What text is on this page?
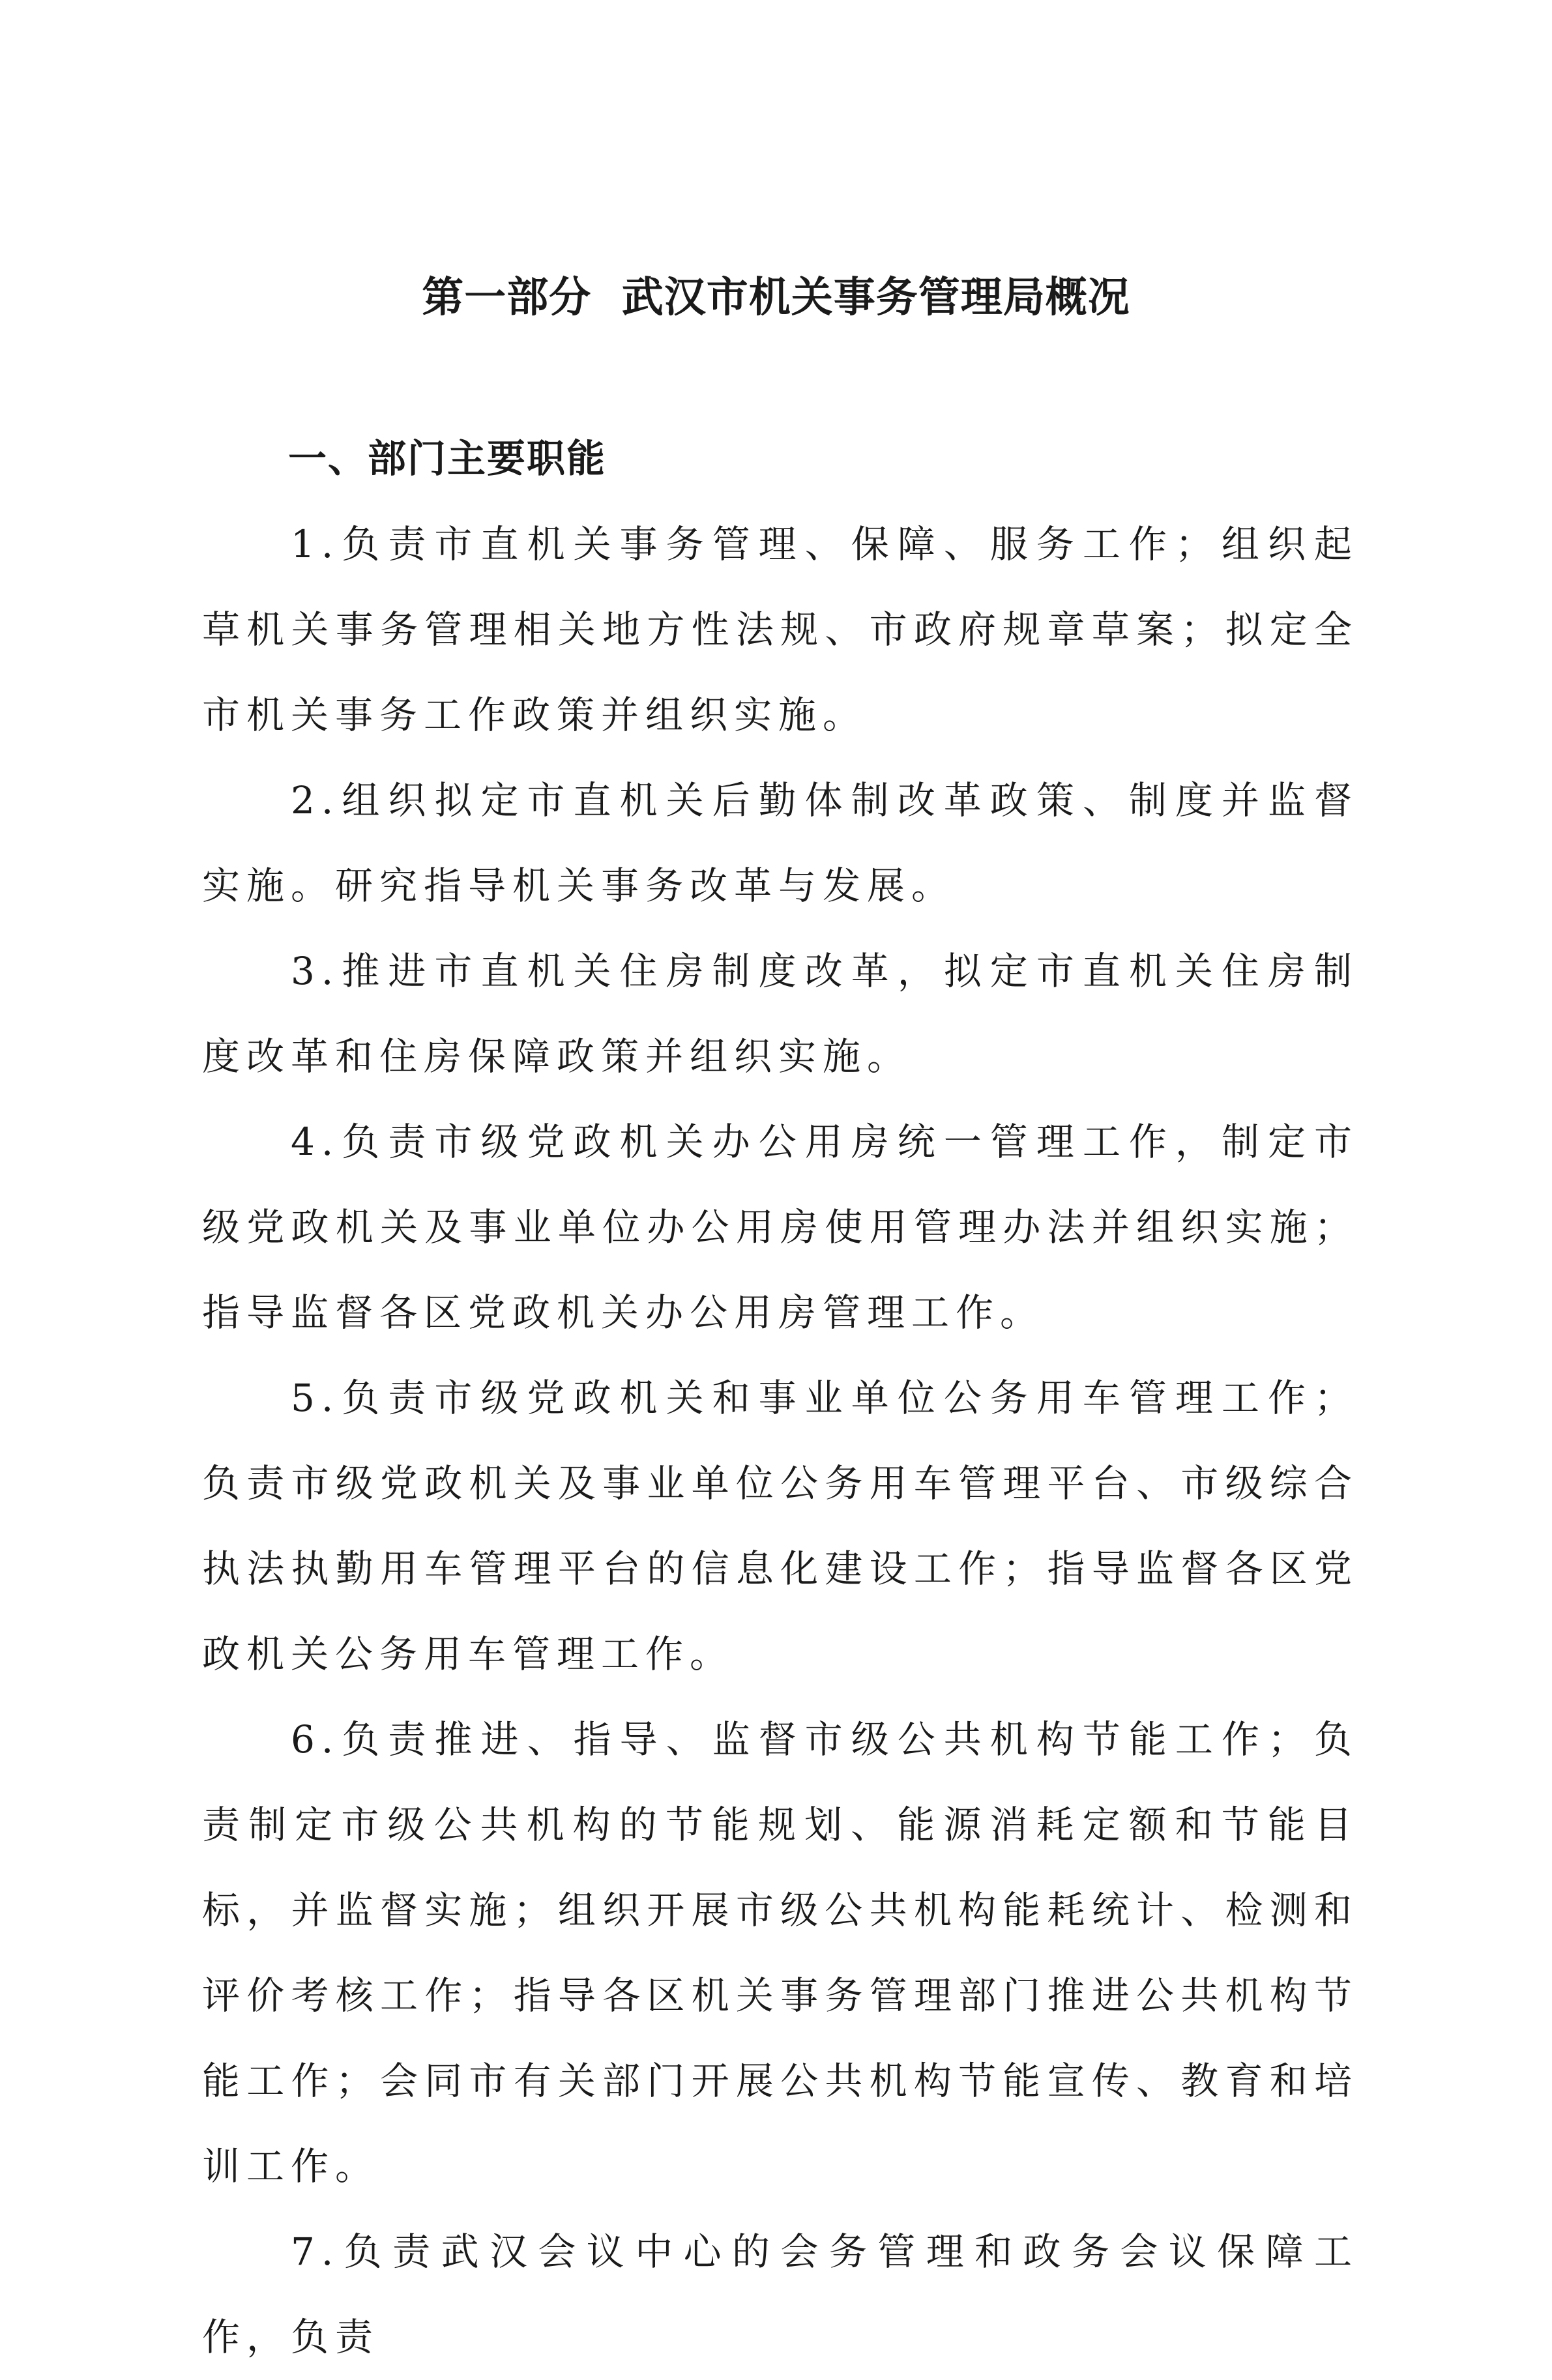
第一部分  武汉市机关事务管理局概况
一、部门主要职能

1.负责市直机关事务管理、保障、服务工作；组织起草机关事务管理相关地方性法规、市政府规章草案；拟定全市机关事务工作政策并组织实施。

2.组织拟定市直机关后勤体制改革政策、制度并监督实施。研究指导机关事务改革与发展。

3.推进市直机关住房制度改革，拟定市直机关住房制度改革和住房保障政策并组织实施。

4.负责市级党政机关办公用房统一管理工作，制定市级党政机关及事业单位办公用房使用管理办法并组织实施；指导监督各区党政机关办公用房管理工作。

5.负责市级党政机关和事业单位公务用车管理工作；负责市级党政机关及事业单位公务用车管理平台、市级综合执法执勤用车管理平台的信息化建设工作；指导监督各区党政机关公务用车管理工作。

6.负责推进、指导、监督市级公共机构节能工作；负责制定市级公共机构的节能规划、能源消耗定额和节能目标，并监督实施；组织开展市级公共机构能耗统计、检测和评价考核工作；指导各区机关事务管理部门推进公共机构节能工作；会同市有关部门开展公共机构节能宣传、教育和培训工作。

7.负责武汉会议中心的会务管理和政务会议保障工作，负责
